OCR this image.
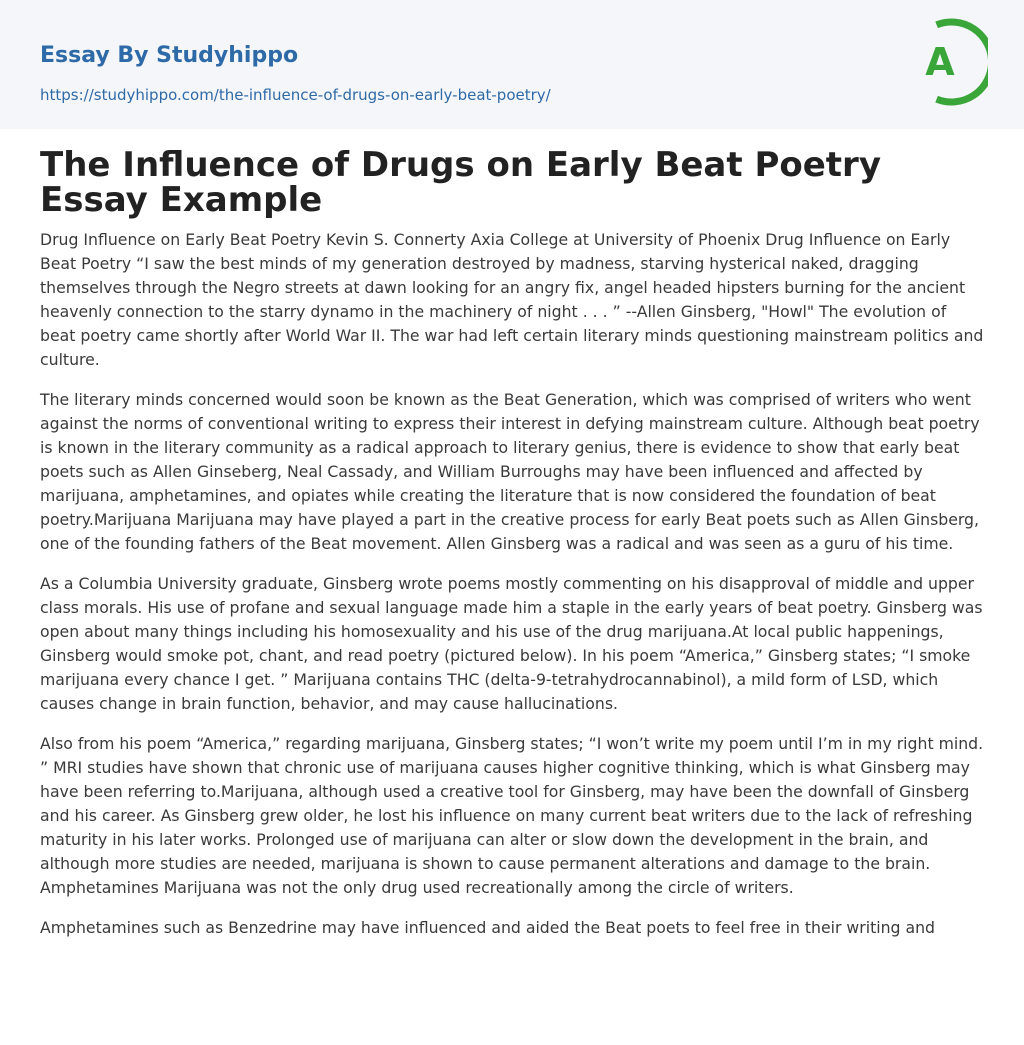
Essay By Studyhippo
https://studyhippo.com/the-influence-of-drugs-on-early-beat-poetry/
A
The Influence of Drugs on Early Beat Poetry Essay Example

Drug Influence on Early Beat Poetry Kevin S. Connerty Axia College at University of Phoenix Drug Influence on Early Beat Poetry “I saw the best minds of my generation destroyed by madness, starving hysterical naked, dragging themselves through the Negro streets at dawn looking for an angry fix, angel headed hipsters burning for the ancient heavenly connection to the starry dynamo in the machinery of night . . . ” --Allen Ginsberg, "Howl" The evolution of beat poetry came shortly after World War II. The war had left certain literary minds questioning mainstream politics and culture.

The literary minds concerned would soon be known as the Beat Generation, which was comprised of writers who went against the norms of conventional writing to express their interest in defying mainstream culture. Although beat poetry is known in the literary community as a radical approach to literary genius, there is evidence to show that early beat poets such as Allen Ginseberg, Neal Cassady, and William Burroughs may have been influenced and affected by marijuana, amphetamines, and opiates while creating the literature that is now considered the foundation of beat poetry.Marijuana Marijuana may have played a part in the creative process for early Beat poets such as Allen Ginsberg, one of the founding fathers of the Beat movement. Allen Ginsberg was a radical and was seen as a guru of his time.

As a Columbia University graduate, Ginsberg wrote poems mostly commenting on his disapproval of middle and upper class morals. His use of profane and sexual language made him a staple in the early years of beat poetry. Ginsberg was open about many things including his homosexuality and his use of the drug marijuana.At local public happenings, Ginsberg would smoke pot, chant, and read poetry (pictured below). In his poem “America,” Ginsberg states; “I smoke marijuana every chance I get. ” Marijuana contains THC (delta-9-tetrahydrocannabinol), a mild form of LSD, which causes change in brain function, behavior, and may cause hallucinations.

Also from his poem “America,” regarding marijuana, Ginsberg states; “I won’t write my poem until I’m in my right mind. ” MRI studies have shown that chronic use of marijuana causes higher cognitive thinking, which is what Ginsberg may have been referring to.Marijuana, although used a creative tool for Ginsberg, may have been the downfall of Ginsberg and his career. As Ginsberg grew older, he lost his influence on many current beat writers due to the lack of refreshing maturity in his later works. Prolonged use of marijuana can alter or slow down the development in the brain, and although more studies are needed, marijuana is shown to cause permanent alterations and damage to the brain. Amphetamines Marijuana was not the only drug used recreationally among the circle of writers.

Amphetamines such as Benzedrine may have influenced and aided the Beat poets to feel free in their writing and
